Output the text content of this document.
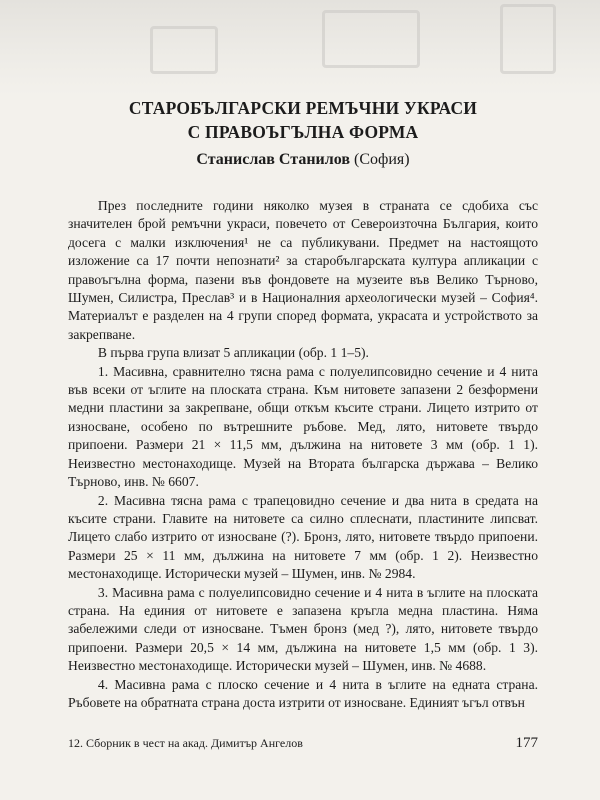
СТАРОБЪЛГАРСКИ РЕМЪЧНИ УКРАСИ
С ПРАВОЪГЪЛНА ФОРМА
Станислав Станилов (София)

През последните години няколко музея в страната се сдобиха със значителен брой ремъчни украси, повечето от Североизточна България, които досега с малки изключения¹ не са публикувани. Предмет на настоящото изложение са 17 почти непознати² за старобългарската култура апликации с правоъгълна форма, пазени във фондовете на музеите във Велико Търново, Шумен, Силистра, Преслав³ и в Националния археологически музей – София⁴. Материалът е разделен на 4 групи според формата, украсата и устройството за закрепване.

В първа група влизат 5 апликации (обр. 1 1–5).

1. Масивна, сравнително тясна рама с полуелипсовидно сечение и 4 нита във всеки от ъглите на плоската страна. Към нитовете запазени 2 безформени медни пластини за закрепване, общи откъм късите страни. Лицето изтрито от износване, особено по вътрешните ръбове. Мед, лято, нитовете твърдо припоени. Размери 21 × 11,5 мм, дължина на нитовете 3 мм (обр. 1 1). Неизвестно местонаходище. Музей на Втората българска държава – Велико Търново, инв. № 6607.

2. Масивна тясна рама с трапецовидно сечение и два нита в средата на късите страни. Главите на нитовете са силно сплеснати, пластините липсват. Лицето слабо изтрито от износване (?). Бронз, лято, нитовете твърдо припоени. Размери 25 × 11 мм, дължина на нитовете 7 мм (обр. 1 2). Неизвестно местонаходище. Исторически музей – Шумен, инв. № 2984.

3. Масивна рама с полуелипсовидно сечение и 4 нита в ъглите на плоската страна. На единия от нитовете е запазена кръгла медна пластина. Няма забележими следи от износване. Тъмен бронз (мед ?), лято, нитовете твърдо припоени. Размери 20,5 × 14 мм, дължина на нитовете 1,5 мм (обр. 1 3). Неизвестно местонаходище. Исторически музей – Шумен, инв. № 4688.

4. Масивна рама с плоско сечение и 4 нита в ъглите на едната страна. Ръбовете на обратната страна доста изтрити от износване. Единият ъгъл отвън

12. Сборник в чест на акад. Димитър Ангелов	177
